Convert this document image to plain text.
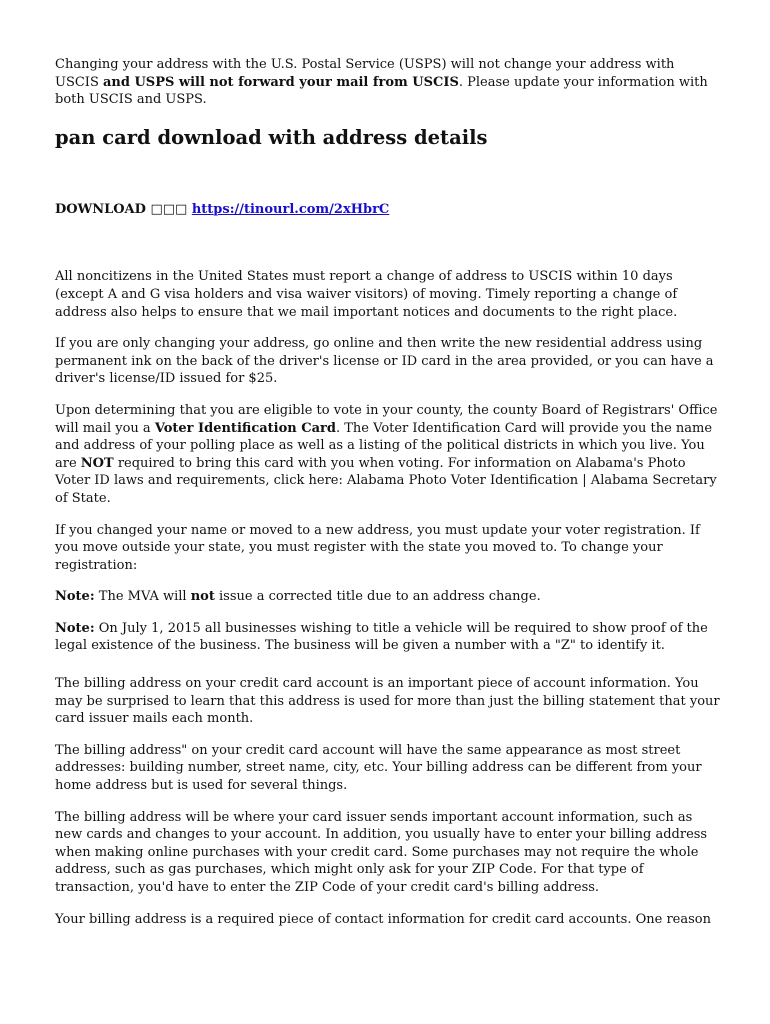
Changing your address with the U.S. Postal Service (USPS) will not change your address with USCIS and USPS will not forward your mail from USCIS. Please update your information with both USCIS and USPS.

pan card download with address details
DOWNLOAD □□□ https://tinourl.com/2xHbrC

All noncitizens in the United States must report a change of address to USCIS within 10 days (except A and G visa holders and visa waiver visitors) of moving. Timely reporting a change of address also helps to ensure that we mail important notices and documents to the right place.

If you are only changing your address, go online and then write the new residential address using permanent ink on the back of the driver's license or ID card in the area provided, or you can have a driver's license/ID issued for $25.

Upon determining that you are eligible to vote in your county, the county Board of Registrars' Office will mail you a Voter Identification Card. The Voter Identification Card will provide you the name and address of your polling place as well as a listing of the political districts in which you live. You are NOT required to bring this card with you when voting. For information on Alabama's Photo Voter ID laws and requirements, click here: Alabama Photo Voter Identification | Alabama Secretary of State.

If you changed your name or moved to a new address, you must update your voter registration. If you move outside your state, you must register with the state you moved to. To change your registration:

Note: The MVA will not issue a corrected title due to an address change.

Note: On July 1, 2015 all businesses wishing to title a vehicle will be required to show proof of the legal existence of the business. The business will be given a number with a "Z" to identify it.

The billing address on your credit card account is an important piece of account information. You may be surprised to learn that this address is used for more than just the billing statement that your card issuer mails each month.

The billing address" on your credit card account will have the same appearance as most street addresses: building number, street name, city, etc. Your billing address can be different from your home address but is used for several things.

The billing address will be where your card issuer sends important account information, such as new cards and changes to your account. In addition, you usually have to enter your billing address when making online purchases with your credit card. Some purchases may not require the whole address, such as gas purchases, which might only ask for your ZIP Code. For that type of transaction, you'd have to enter the ZIP Code of your credit card's billing address.

Your billing address is a required piece of contact information for credit card accounts. One reason
